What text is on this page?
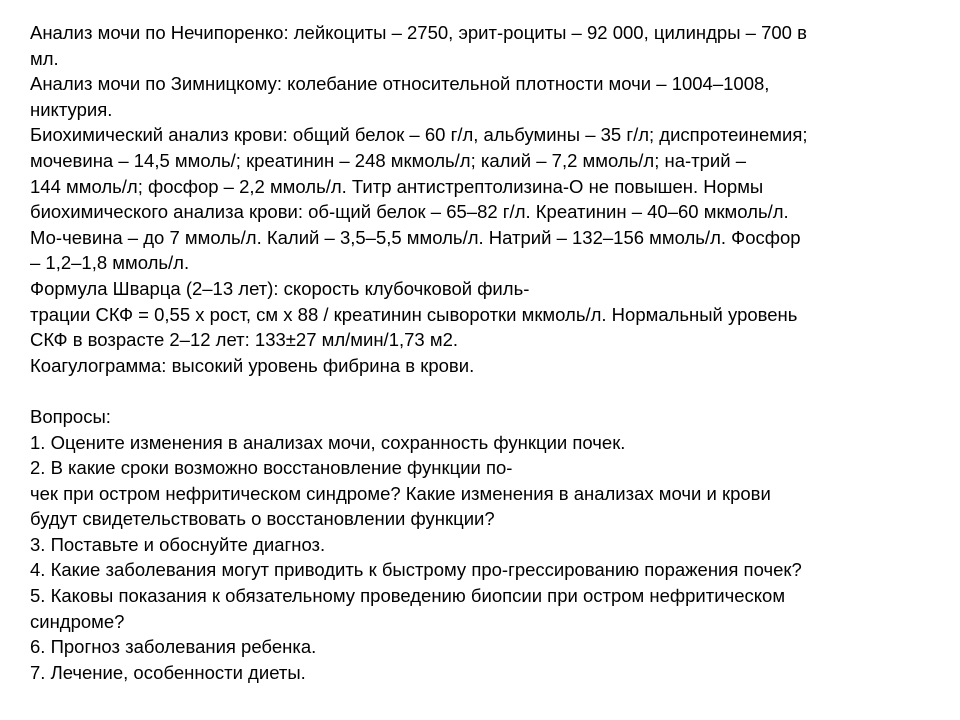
Анализ мочи по Нечипоренко: лейкоциты – 2750, эрит-роциты – 92 000, цилиндры – 700 в
мл.
Анализ мочи по Зимницкому: колебание относительной плотности мочи – 1004–1008,
никтурия.
Биохимический анализ крови: общий белок – 60 г/л, альбумины – 35 г/л; диспротеинемия;
мочевина – 14,5 ммоль/; креатинин – 248 мкмоль/л; калий – 7,2 ммоль/л; на-трий –
144 ммоль/л; фосфор – 2,2 ммоль/л. Титр антистрептолизина-О не повышен. Нормы
биохимического анализа крови: об-щий белок – 65–82 г/л. Креатинин – 40–60 мкмоль/л.
Мо-чевина – до 7 ммоль/л. Калий – 3,5–5,5 ммоль/л. Натрий – 132–156 ммоль/л. Фосфор
– 1,2–1,8 ммоль/л.
Формула Шварца (2–13 лет): скорость клубочковой филь-
трации СКФ = 0,55 х рост, см х 88 / креатинин сыворотки мкмоль/л. Нормальный уровень
СКФ в возрасте 2–12 лет: 133±27 мл/мин/1,73 м2.
Коагулограмма: высокий уровень фибрина в крови.
Вопросы:
1. Оцените изменения в анализах мочи, сохранность функции почек.
2. В какие сроки возможно восстановление функции по-
чек при остром нефритическом синдроме? Какие изменения в анализах мочи и крови
будут свидетельствовать о восстановлении функции?
3. Поставьте и обоснуйте диагноз.
4. Какие заболевания могут приводить к быстрому про-грессированию поражения почек?
5. Каковы показания к обязательному проведению биопсии при остром нефритическом
синдроме?
6. Прогноз заболевания ребенка.
7. Лечение, особенности диеты.
